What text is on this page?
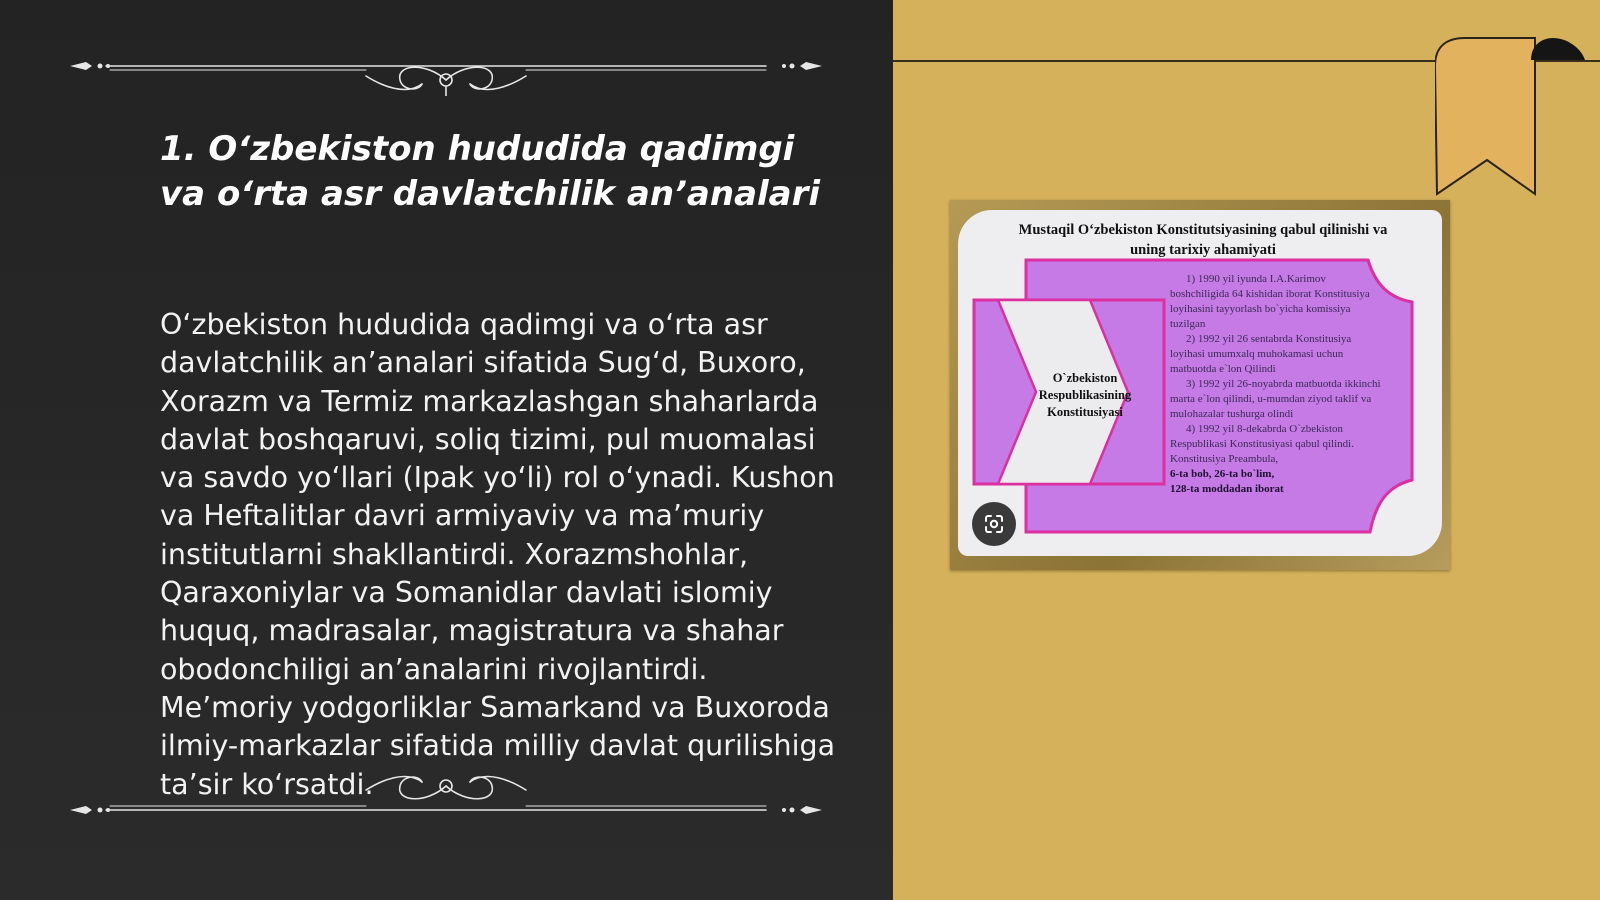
1. O‘zbekiston hududida qadimgi va o‘rta asr davlatchilik an’analari
O‘zbekiston hududida qadimgi va o‘rta asr davlatchilik an’analari sifatida Sug‘d, Buxoro, Xorazm va Termiz markazlashgan shaharlarda davlat boshqaruvi, soliq tizimi, pul muomalasi va savdo yo‘llari (Ipak yo‘li) rol o‘ynadi. Kushon va Heftalitlar davri armiyaviy va ma’muriy institutlarni shakllantirdi. Xorazmshohlar, Qaraxoniylar va Somanidlar davlati islomiy huquq, madrasalar, magistratura va shahar obodonchiligi an’analarini rivojlantirdi. Me’moriy yodgorliklar Samarkand va Buxoroda ilmiy-markazlar sifatida milliy davlat qurilishiga ta’sir ko‘rsatdi.
Mustaqil O‘zbekiston Konstitutsiyasining qabul qilinishi va uning tarixiy ahamiyati
O`zbekiston Respublikasining Konstitusiyasi

1) 1990 yil iyunda I.A.Karimov boshchiligida 64 kishidan iborat Konstitusiya loyihasini tayyorlash bo`yicha komissiya tuzilgan

2) 1992 yil 26 sentabrda Konstitusiya loyihasi umumxalq muhokamasi uchun matbuotda e`lon Qilindi

3) 1992 yil 26-noyabrda matbuotda ikkinchi marta e`lon qilindi, u-mumdan ziyod taklif va mulohazalar tushurga olindi

4) 1992 yil 8-dekabrda O`zbekiston Respublikasi Konstitusiyasi qabul qilindi. Konstitusiya Preambula,

6-ta bob, 26-ta bo`lim,

128-ta moddadan iborat
